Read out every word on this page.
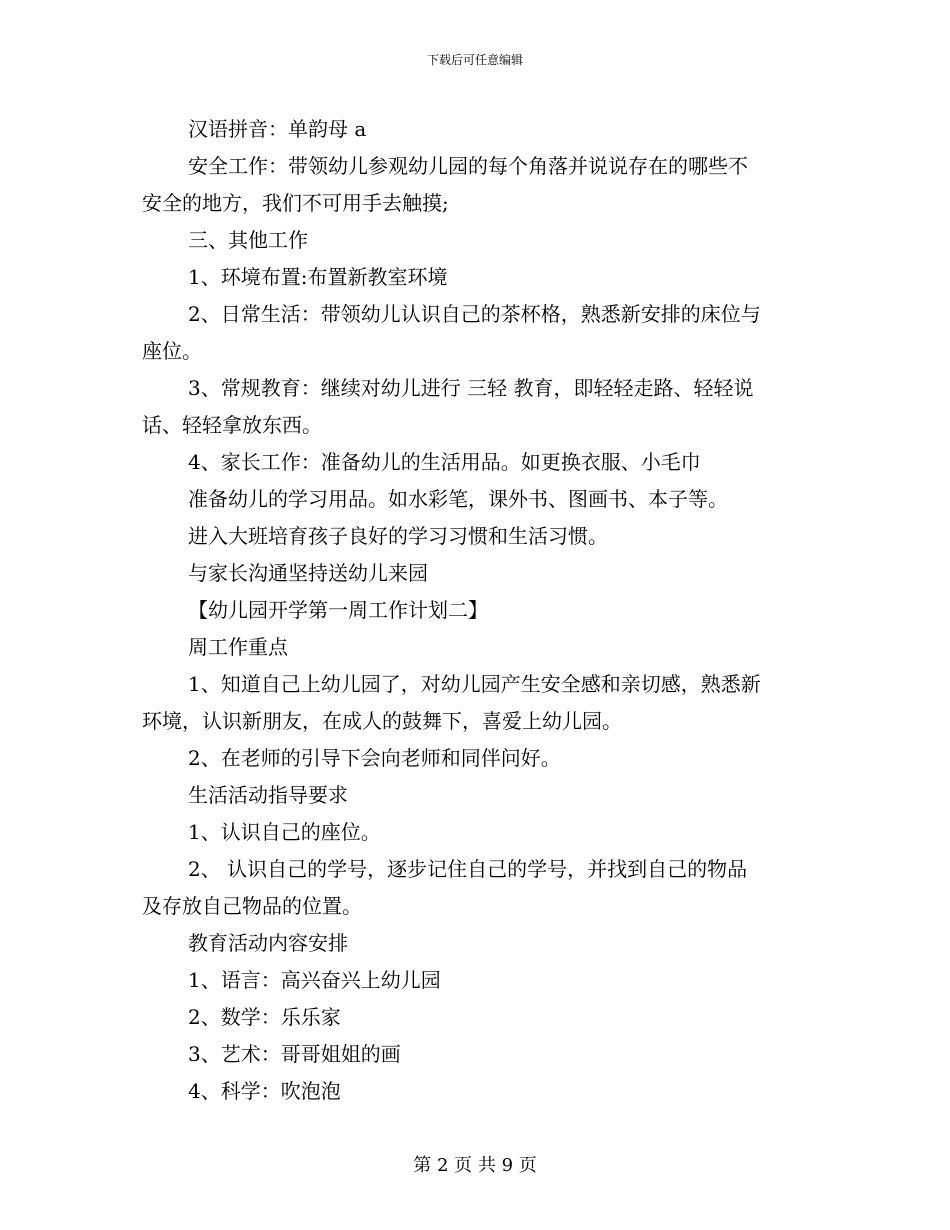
下载后可任意编辑
汉语拼音：单韵母 a
安全工作：带领幼儿参观幼儿园的每个角落并说说存在的哪些不
安全的地方，我们不可用手去触摸;
三、其他工作
1、环境布置:布置新教室环境
2、日常生活：带领幼儿认识自己的茶杯格，熟悉新安排的床位与
座位。
3、常规教育：继续对幼儿进行 三轻 教育，即轻轻走路、轻轻说
话、轻轻拿放东西。
4、家长工作：准备幼儿的生活用品。如更换衣服、小毛巾
准备幼儿的学习用品。如水彩笔，课外书、图画书、本子等。
进入大班培育孩子良好的学习习惯和生活习惯。
与家长沟通坚持送幼儿来园
【幼儿园开学第一周工作计划二】
周工作重点
1、知道自己上幼儿园了，对幼儿园产生安全感和亲切感，熟悉新
环境，认识新朋友，在成人的鼓舞下，喜爱上幼儿园。
2、在老师的引导下会向老师和同伴问好。
生活活动指导要求
1、认识自己的座位。
2、 认识自己的学号，逐步记住自己的学号，并找到自己的物品
及存放自己物品的位置。
教育活动内容安排
1、语言：高兴奋兴上幼儿园
2、数学：乐乐家
3、艺术：哥哥姐姐的画
4、科学：吹泡泡
第 2 页 共 9 页
